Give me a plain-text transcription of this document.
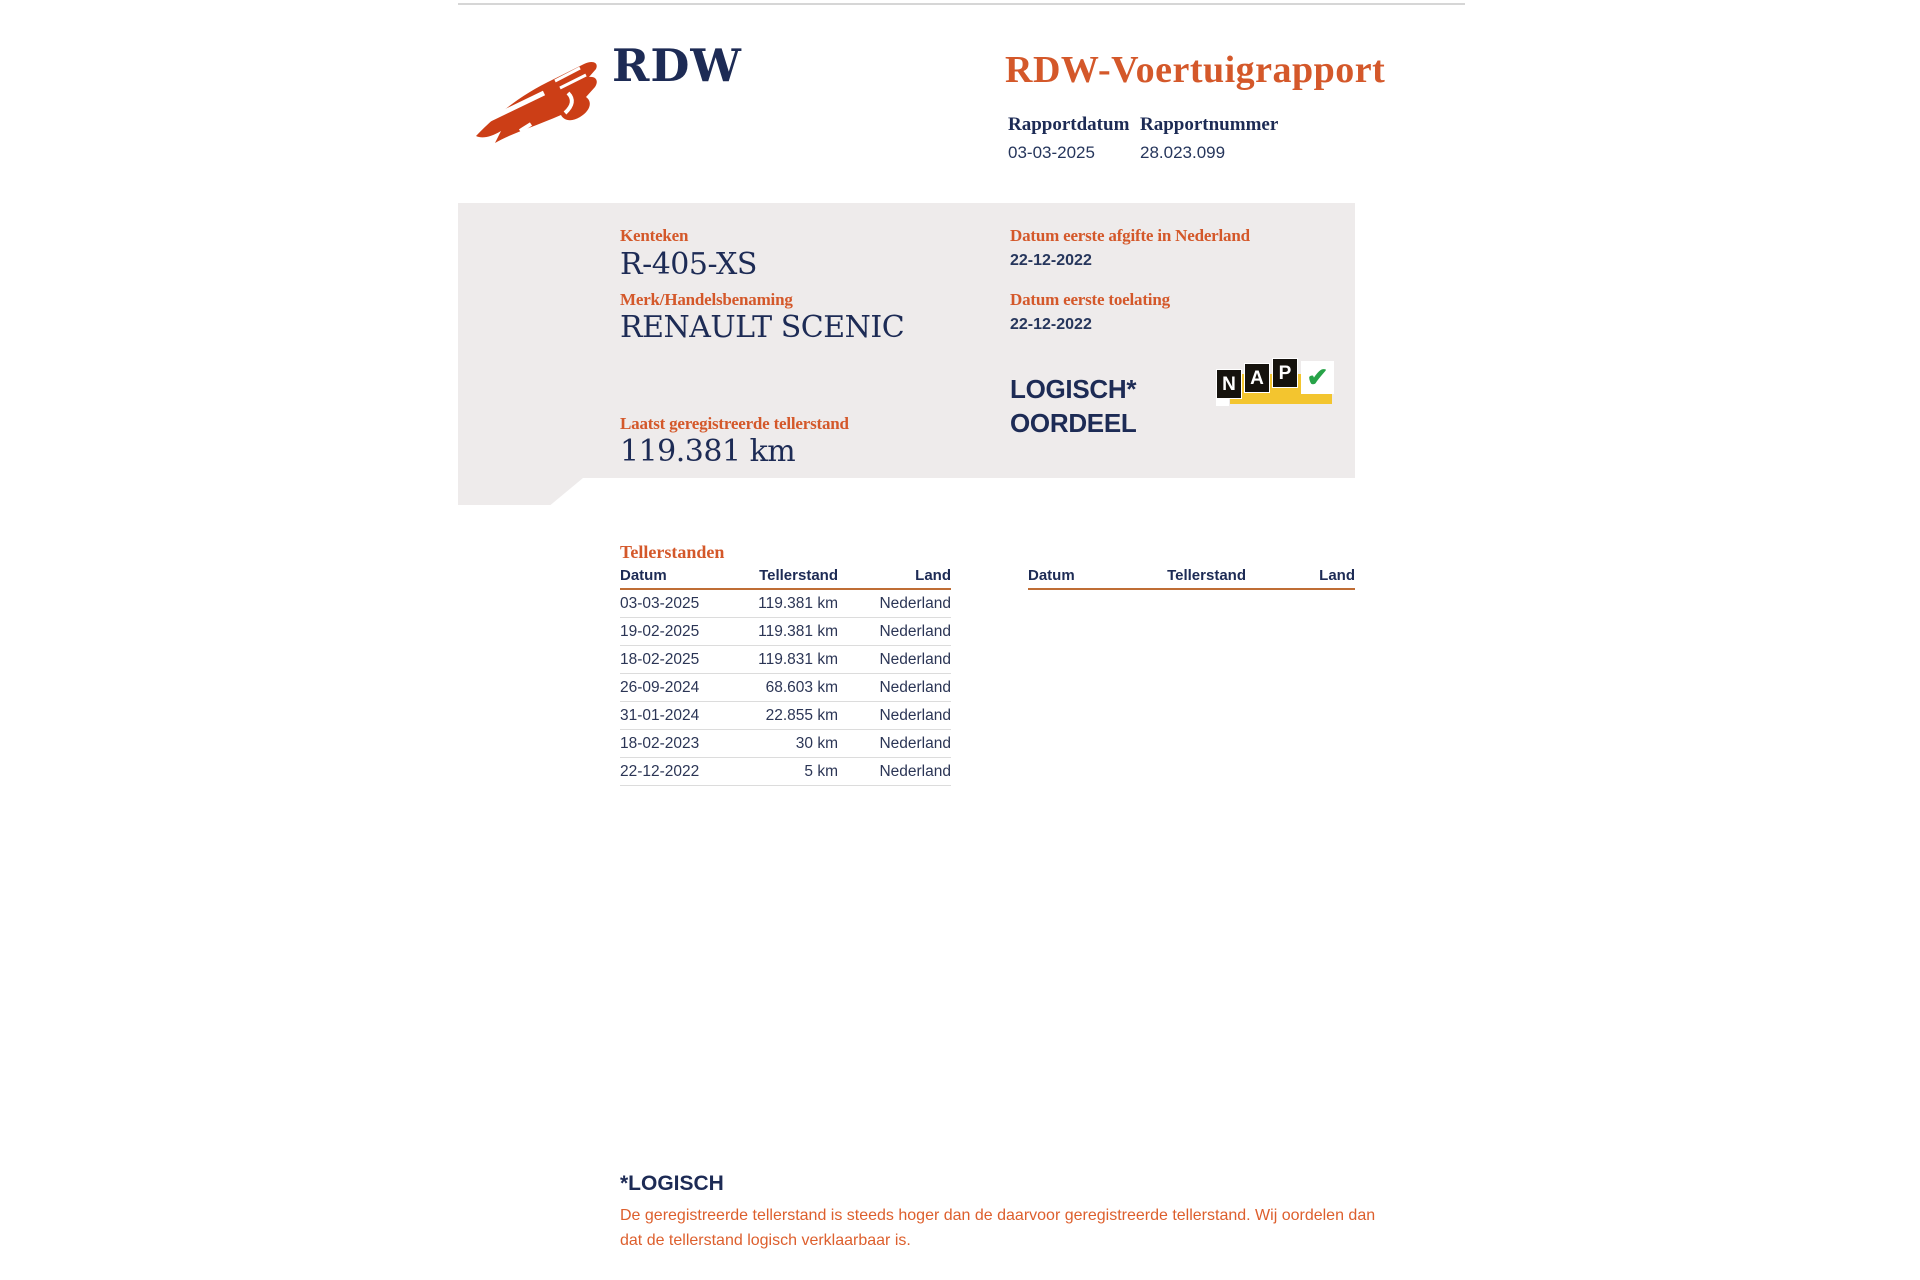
RDW	RDW-Voertuigrapport
Rapportdatum Rapportnummer
03-03-2025	28.023.099
Kenteken
R-405-XS
Merk/Handelsbenaming
RENAULT SCENIC
Laatst geregistreerde tellerstand
119.381 km
Datum eerste afgifte in Nederland
22-12-2022
Datum eerste toelating
22-12-2022
LOGISCH*
OORDEEL
N A P ✔
Tellerstanden
Datum	Tellerstand	Land
03-03-2025	119.381 km	Nederland
19-02-2025	119.381 km	Nederland
18-02-2025	119.831 km	Nederland
26-09-2024	68.603 km	Nederland
31-01-2024	22.855 km	Nederland
18-02-2023	30 km	Nederland
22-12-2022	5 km	Nederland
Datum	Tellerstand	Land
*LOGISCH
De geregistreerde tellerstand is steeds hoger dan de daarvoor geregistreerde tellerstand. Wij oordelen dan
dat de tellerstand logisch verklaarbaar is.
